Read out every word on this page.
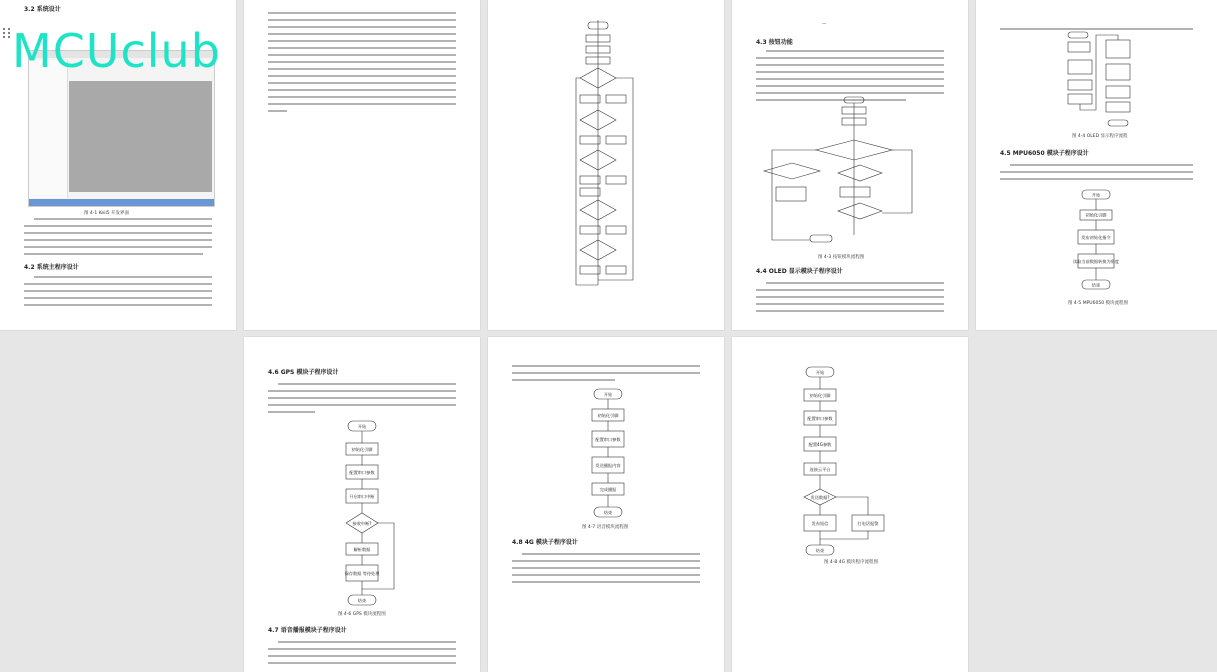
3.2 系统设计
图 4-1 Keil5 开发界面
4.2 系统主程序设计
—
4.3 按钮功能
图 4-3 按钮模块流程图
4.4 OLED 显示模块子程序设计
图 4-4 OLED 显示程序流程
4.5 MPU6050 模块子程序设计
开始
初始化引脚
发布初始化指令
读取当前数据转换为角度
结束
图 4-5 MPU6050 模块流程图
4.6 GPS 模块子程序设计
开始
初始化引脚
配置串口参数
开启串口中断
接收中断?
解析数据
保存数据 等待处理
结束
图 4-6 GPS 模块流程图
4.7 语音播报模块子程序设计
开始
初始化引脚
配置串口参数
发送播报内容
完成播报
结束
图 4-7 语音模块流程图
4.8 4G 模块子程序设计
开始
初始化引脚
配置串口参数
配置4G参数
连接云平台
发送数据?
发布短信	打电话报警
结束
图 4-8 4G 模块程序流程图
MCUclub
